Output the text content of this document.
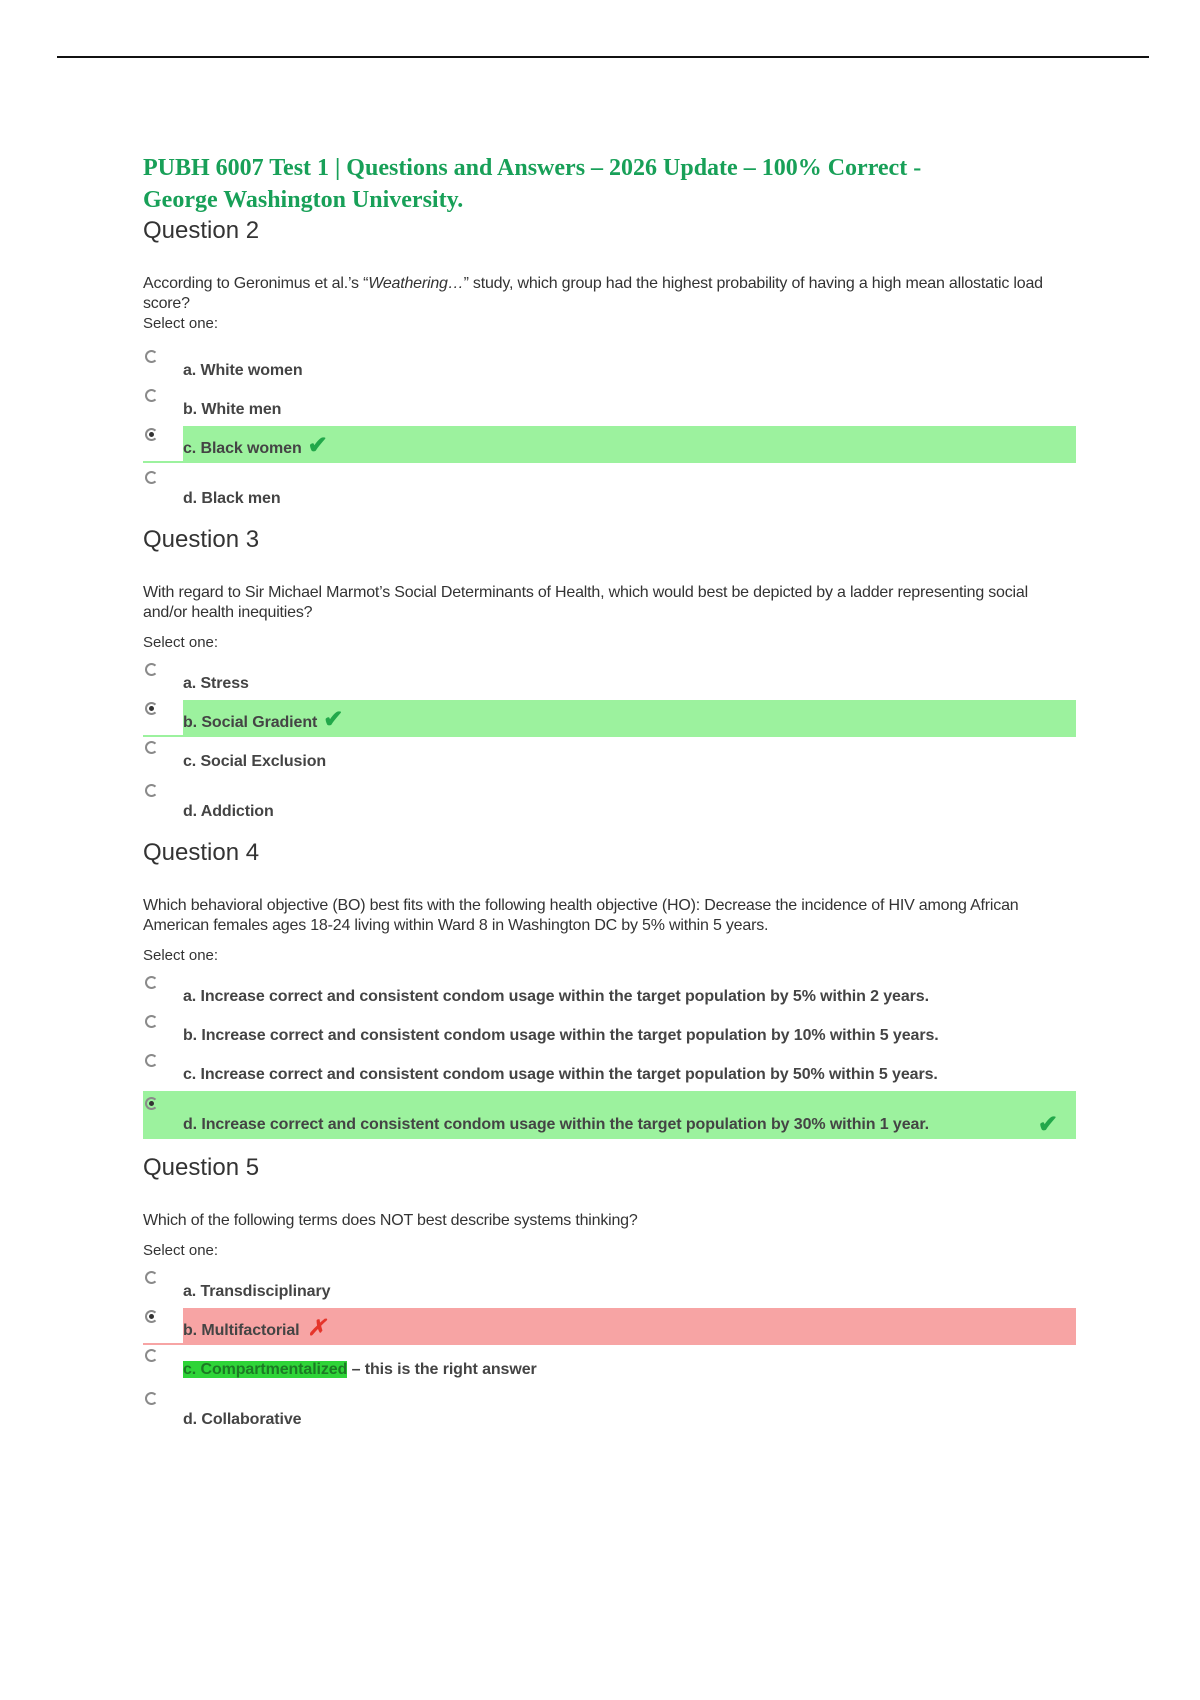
PUBH 6007 Test 1 | Questions and Answers – 2026 Update – 100% Correct -

George Washington University.

Question 2

According to Geronimus et al.’s “Weathering…” study, which group had the highest probability of having a high mean allostatic load score?

Select one:

a. White women
b. White men
c. Black women ✔
d. Black men

Question 3

With regard to Sir Michael Marmot’s Social Determinants of Health, which would best be depicted by a ladder representing social and/or health inequities?

Select one:

a. Stress
b. Social Gradient ✔
c. Social Exclusion
d. Addiction

Question 4

Which behavioral objective (BO) best fits with the following health objective (HO): Decrease the incidence of HIV among African American females ages 18-24 living within Ward 8 in Washington DC by 5% within 5 years.

Select one:

a. Increase correct and consistent condom usage within the target population by 5% within 2 years.
b. Increase correct and consistent condom usage within the target population by 10% within 5 years.
c. Increase correct and consistent condom usage within the target population by 50% within 5 years.
d. Increase correct and consistent condom usage within the target population by 30% within 1 year.	✔

Question 5

Which of the following terms does NOT best describe systems thinking?

Select one:

a. Transdisciplinary
b. Multifactorial ✗
c. Compartmentalized – this is the right answer
d. Collaborative
